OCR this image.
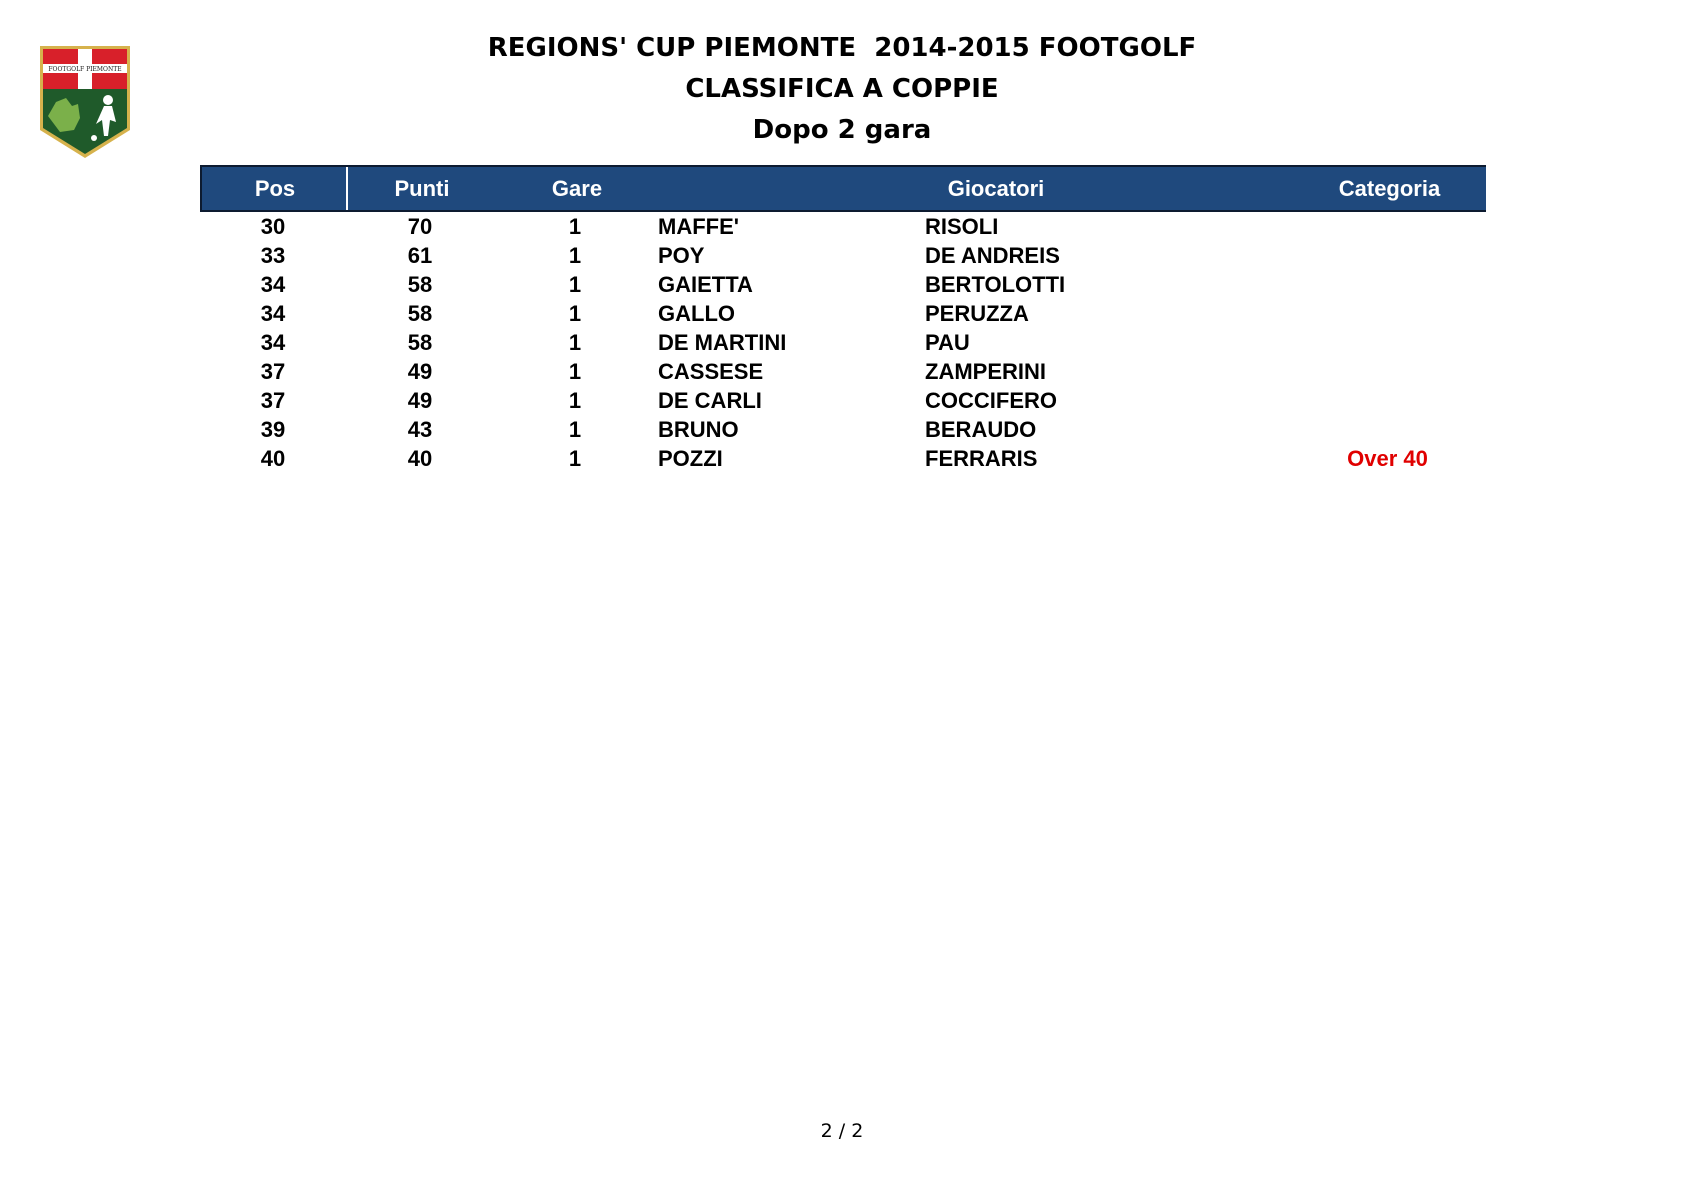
FOOTGOLF PIEMONTE
REGIONS' CUP PIEMONTE  2014-2015 FOOTGOLF
CLASSIFICA A COPPIE
Dopo 2 gara
Pos	Punti	Gare	Giocatori	Categoria
30	70	1	MAFFE'	RISOLI
33	61	1	POY	DE ANDREIS
34	58	1	GAIETTA	BERTOLOTTI
34	58	1	GALLO	PERUZZA
34	58	1	DE MARTINI	PAU
37	49	1	CASSESE	ZAMPERINI
37	49	1	DE CARLI	COCCIFERO
39	43	1	BRUNO	BERAUDO
40	40	1	POZZI	FERRARIS	Over 40
2 / 2
